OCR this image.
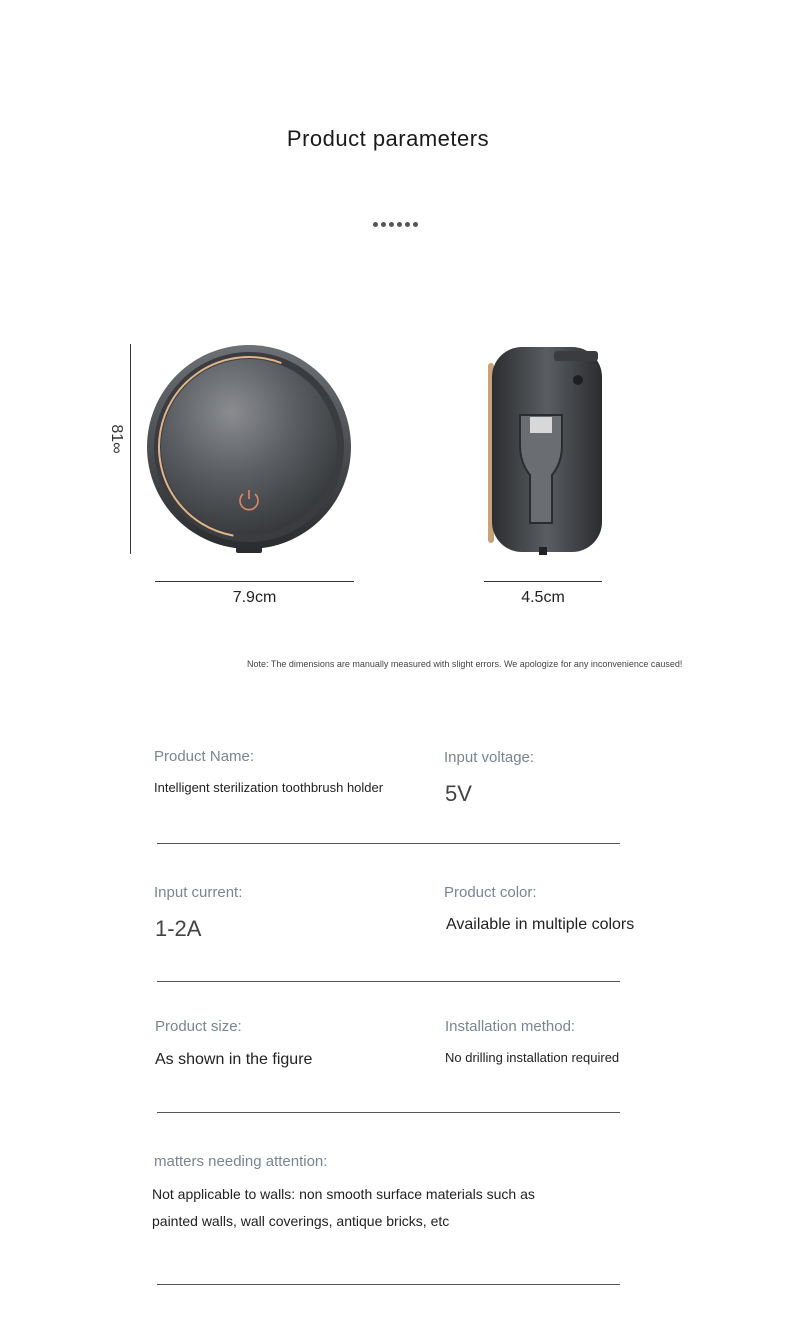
Product parameters
81∞
7.9cm	4.5cm
Note: The dimensions are manually measured with slight errors. We apologize for any inconvenience caused!
Product Name:
Intelligent sterilization toothbrush holder
Input voltage:
5V
Input current:
1-2A
Product color:
Available in multiple colors
Product size:
As shown in the figure
Installation method:
No drilling installation required
matters needing attention:
Not applicable to walls: non smooth surface materials such as
painted walls, wall coverings, antique bricks, etc
